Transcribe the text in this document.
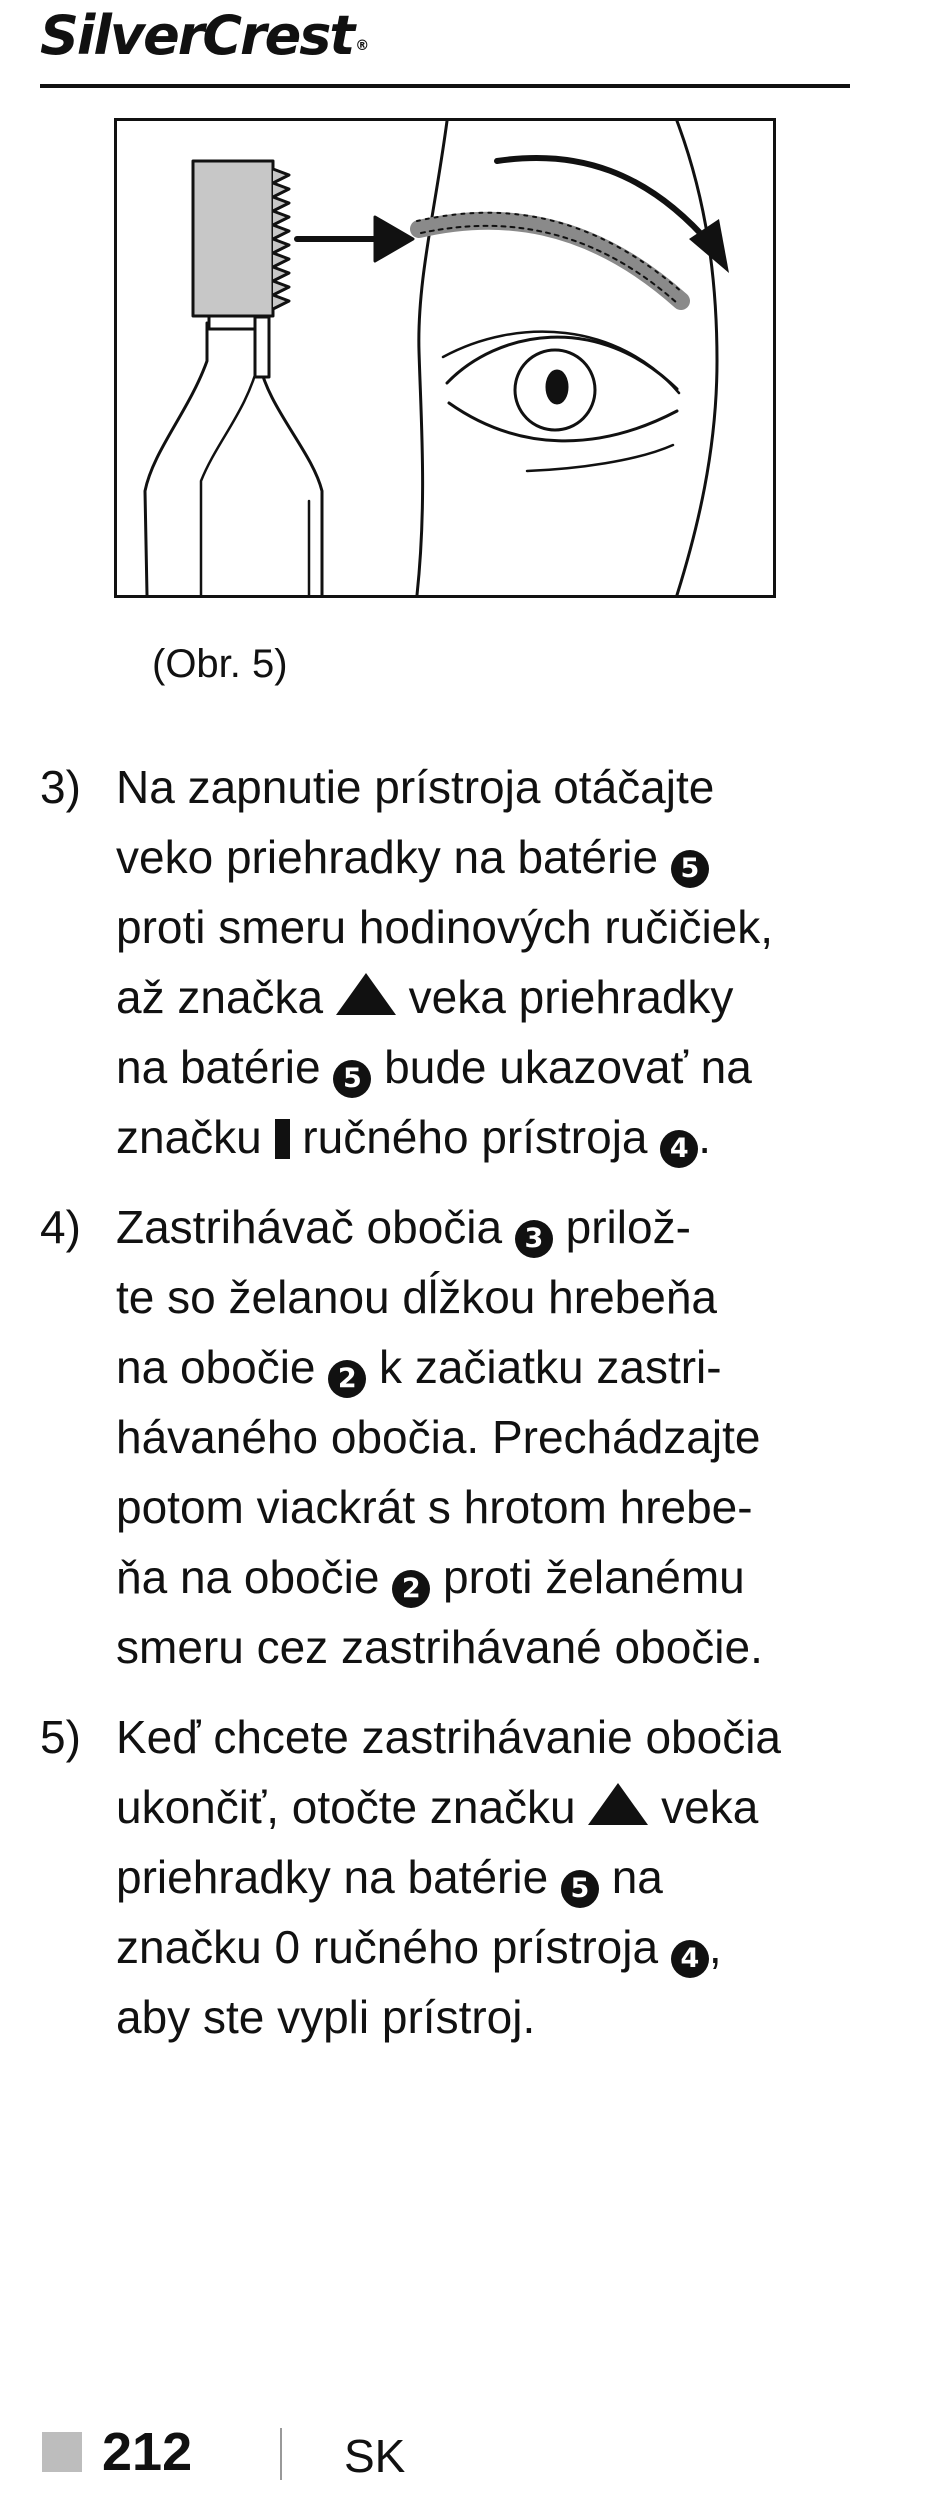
SilverCrest ®
(Obr. 5)
3) Na zapnutie prístroja otáčajte
veko priehradky na batérie 5
proti smeru hodinových ručičiek,
až značka  veka priehradky
na batérie 5 bude ukazovať na
značku  ručného prístroja 4 .
4) Zastrihávač obočia 3 prilož-
te so želanou dĺžkou hrebeňa
na obočie 2 k začiatku zastri-
hávaného obočia. Prechádzajte
potom viackrát s hrotom hrebe-
ňa na obočie 2 proti želanému
smeru cez zastrihávané obočie.
5) Keď chcete zastrihávanie obočia
ukončiť, otočte značku  veka
priehradky na batérie 5 na
značku 0 ručného prístroja 4 ,
aby ste vypli prístroj.
212	SK
